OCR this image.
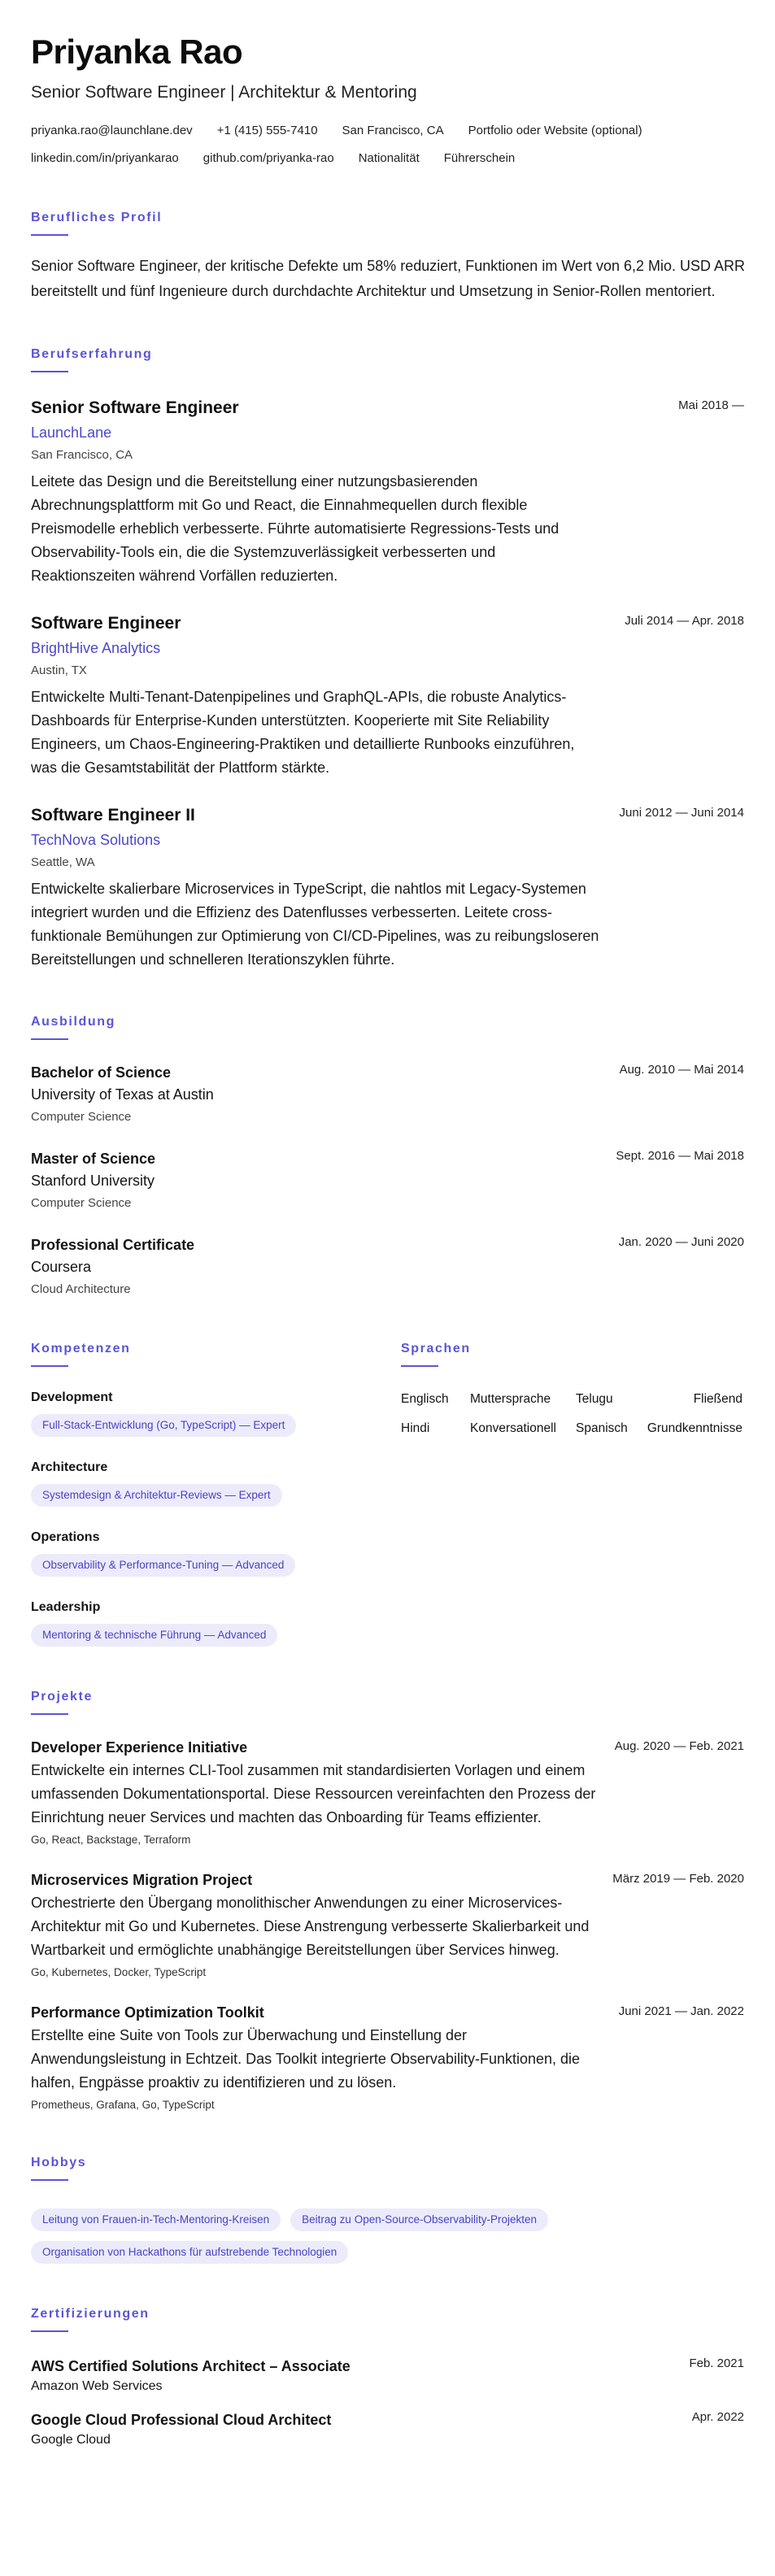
Priyanka Rao
Senior Software Engineer | Architektur & Mentoring
priyanka.rao@launchlane.dev +1 (415) 555-7410 San Francisco, CA Portfolio oder Website (optional)
linkedin.com/in/priyankarao github.com/priyanka-rao Nationalität Führerschein
Berufliches Profil
Senior Software Engineer, der kritische Defekte um 58% reduziert, Funktionen im Wert von 6,2 Mio. USD ARR bereitstellt und fünf Ingenieure durch durchdachte Architektur und Umsetzung in Senior-Rollen mentoriert.
Berufserfahrung
Senior Software Engineer	Mai 2018 —
LaunchLane
San Francisco, CA
Leitete das Design und die Bereitstellung einer nutzungsbasierenden Abrechnungsplattform mit Go und React, die Einnahmequellen durch flexible Preismodelle erheblich verbesserte. Führte automatisierte Regressions-Tests und Observability-Tools ein, die die Systemzuverlässigkeit verbesserten und Reaktionszeiten während Vorfällen reduzierten.
Software Engineer	Juli 2014 — Apr. 2018
BrightHive Analytics
Austin, TX
Entwickelte Multi-Tenant-Datenpipelines und GraphQL-APIs, die robuste Analytics-Dashboards für Enterprise-Kunden unterstützten. Kooperierte mit Site Reliability Engineers, um Chaos-Engineering-Praktiken und detaillierte Runbooks einzuführen, was die Gesamtstabilität der Plattform stärkte.
Software Engineer II	Juni 2012 — Juni 2014
TechNova Solutions
Seattle, WA
Entwickelte skalierbare Microservices in TypeScript, die nahtlos mit Legacy-Systemen integriert wurden und die Effizienz des Datenflusses verbesserten. Leitete cross-funktionale Bemühungen zur Optimierung von CI/CD-Pipelines, was zu reibungsloseren Bereitstellungen und schnelleren Iterationszyklen führte.
Ausbildung
Bachelor of Science	Aug. 2010 — Mai 2014
University of Texas at Austin
Computer Science
Master of Science	Sept. 2016 — Mai 2018
Stanford University
Computer Science
Professional Certificate	Jan. 2020 — Juni 2020
Coursera
Cloud Architecture
Kompetenzen
Development
Full-Stack-Entwicklung (Go, TypeScript) — Expert
Architecture
Systemdesign & Architektur-Reviews — Expert
Operations
Observability & Performance-Tuning — Advanced
Leadership
Mentoring & technische Führung — Advanced
Sprachen
Englisch	Muttersprache	Telugu	Fließend
Hindi	Konversationell	Spanisch	Grundkenntnisse
Projekte
Developer Experience Initiative	Aug. 2020 — Feb. 2021
Entwickelte ein internes CLI-Tool zusammen mit standardisierten Vorlagen und einem umfassenden Dokumentationsportal. Diese Ressourcen vereinfachten den Prozess der Einrichtung neuer Services und machten das Onboarding für Teams effizienter.
Go, React, Backstage, Terraform
Microservices Migration Project	März 2019 — Feb. 2020
Orchestrierte den Übergang monolithischer Anwendungen zu einer Microservices-Architektur mit Go und Kubernetes. Diese Anstrengung verbesserte Skalierbarkeit und Wartbarkeit und ermöglichte unabhängige Bereitstellungen über Services hinweg.
Go, Kubernetes, Docker, TypeScript
Performance Optimization Toolkit	Juni 2021 — Jan. 2022
Erstellte eine Suite von Tools zur Überwachung und Einstellung der Anwendungsleistung in Echtzeit. Das Toolkit integrierte Observability-Funktionen, die halfen, Engpässe proaktiv zu identifizieren und zu lösen.
Prometheus, Grafana, Go, TypeScript
Hobbys
Leitung von Frauen-in-Tech-Mentoring-Kreisen	Beitrag zu Open-Source-Observability-Projekten
Organisation von Hackathons für aufstrebende Technologien
Zertifizierungen
AWS Certified Solutions Architect – Associate	Feb. 2021
Amazon Web Services
Google Cloud Professional Cloud Architect	Apr. 2022
Google Cloud
